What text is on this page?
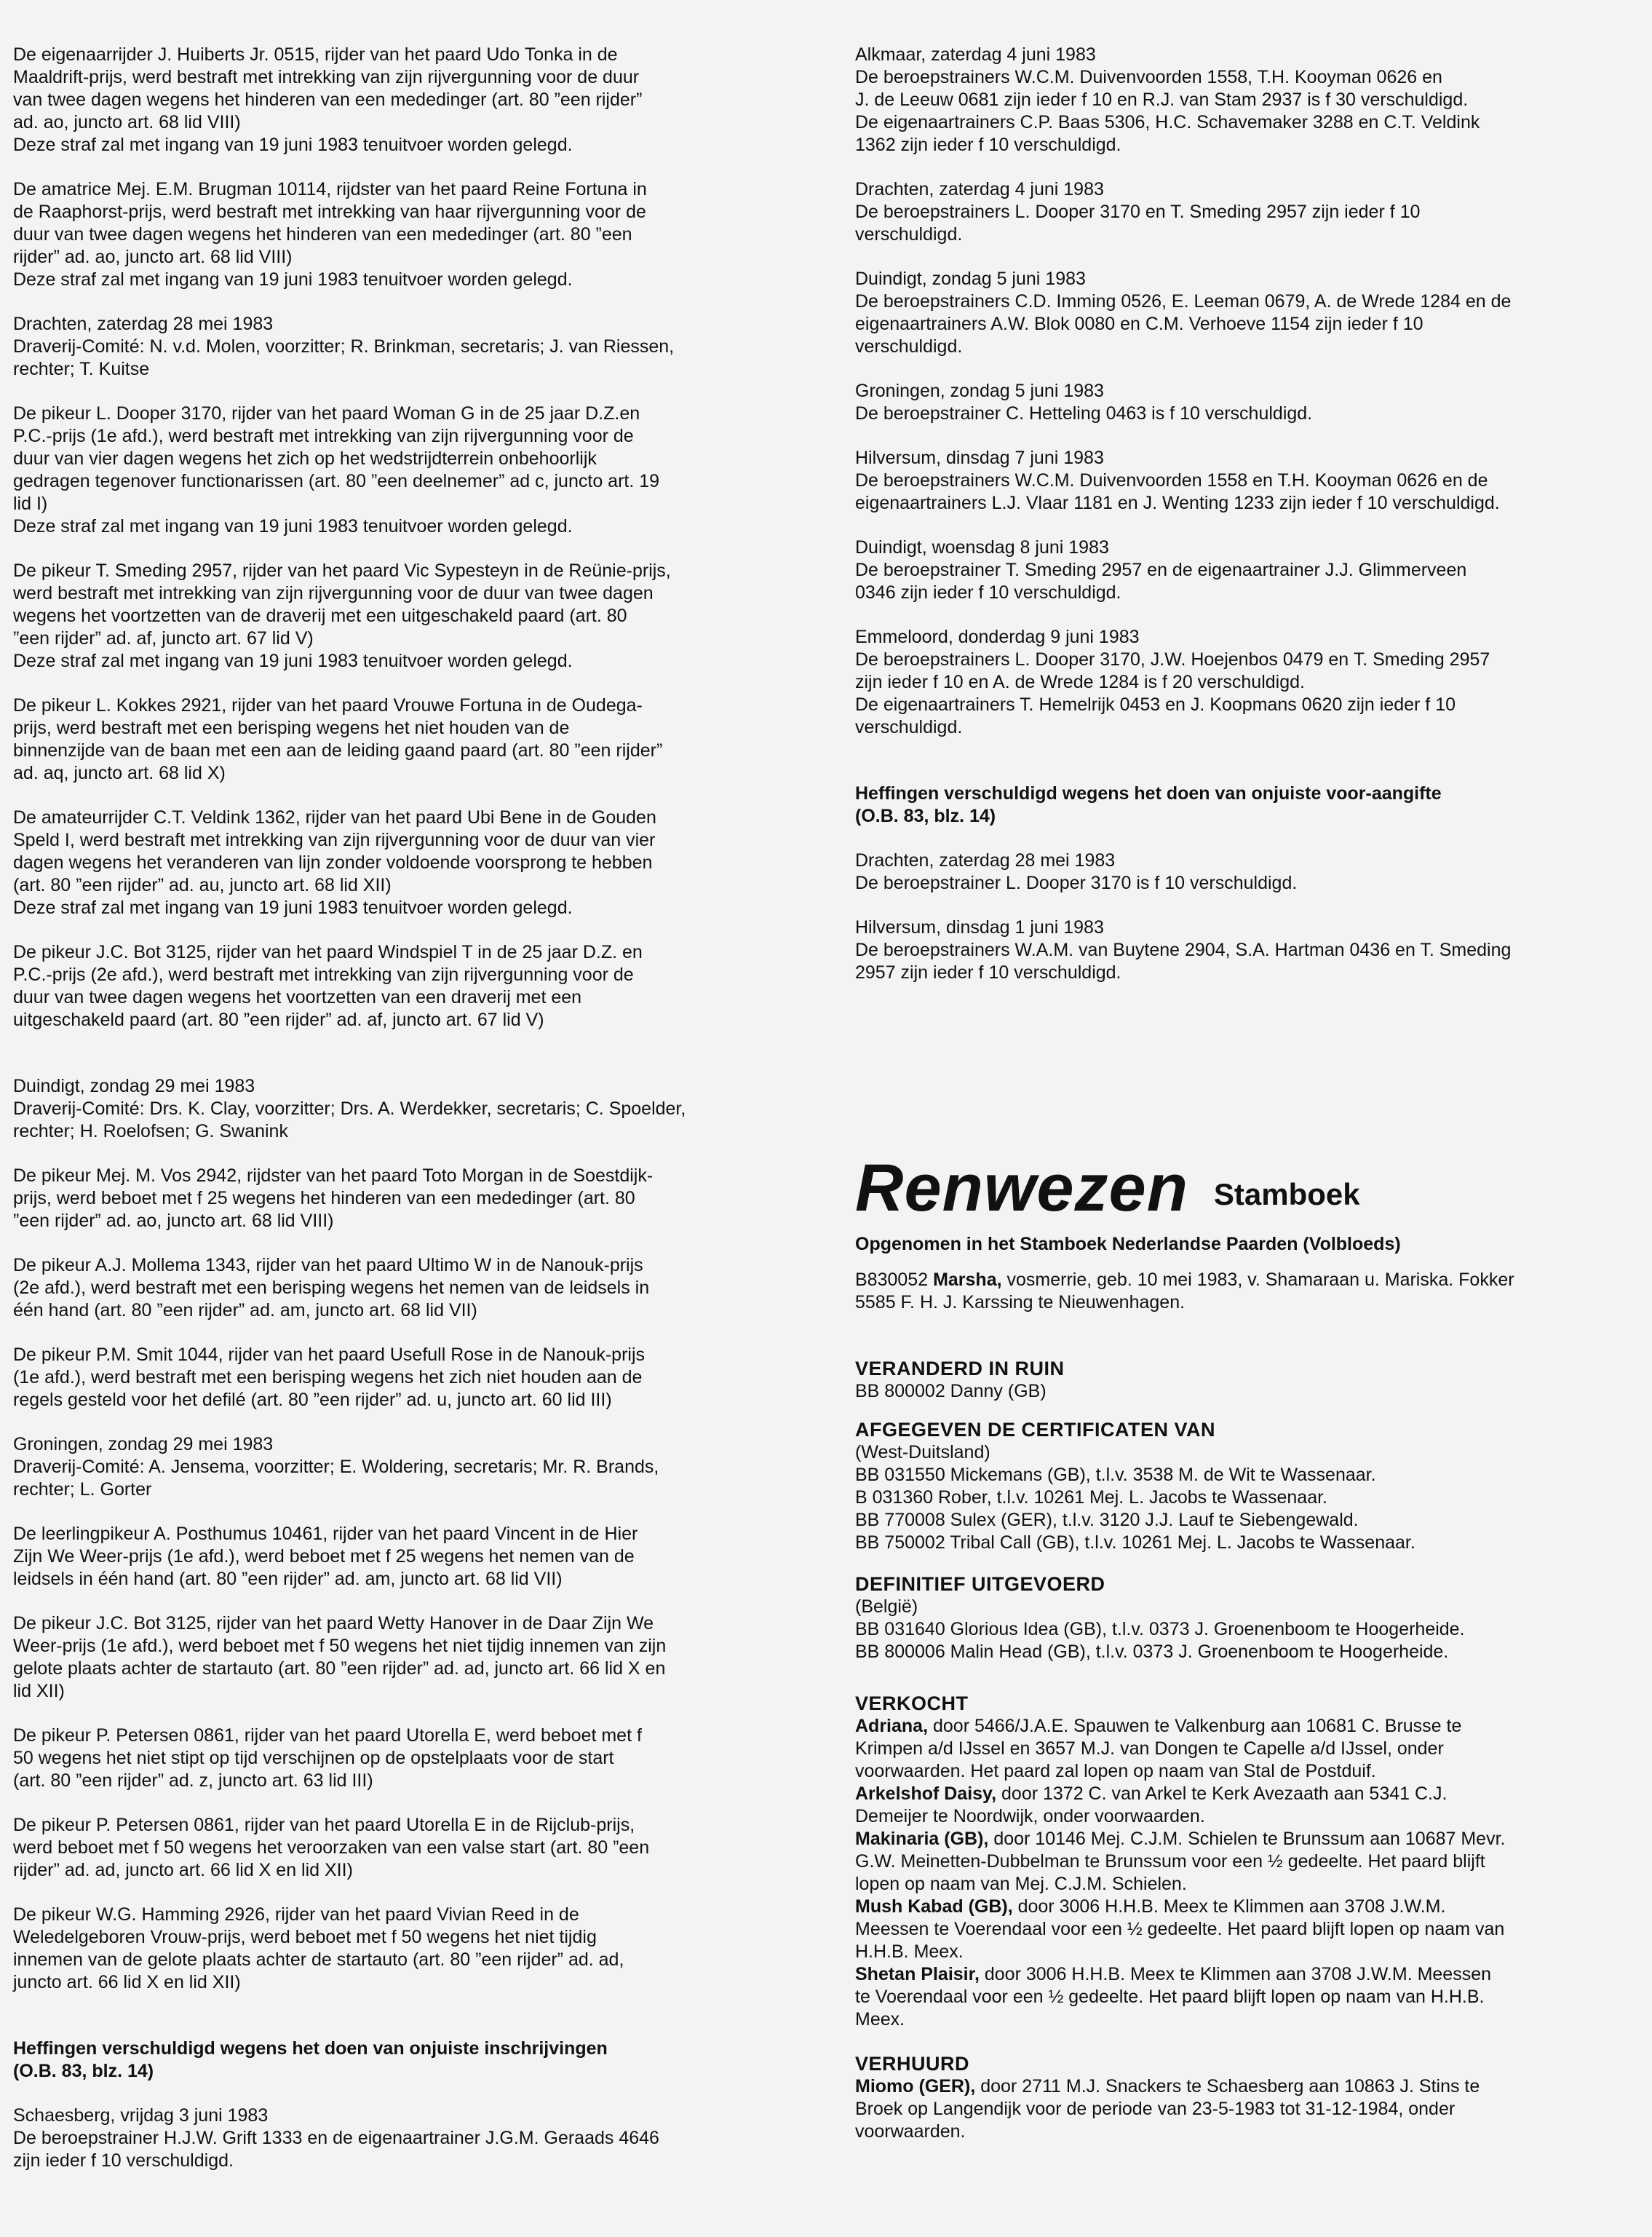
De eigenaarrijder J. Huiberts Jr. 0515, rijder van het paard Udo Tonka in de

Maaldrift-prijs, werd bestraft met intrekking van zijn rijvergunning voor de duur

van twee dagen wegens het hinderen van een mededinger (art. 80 ”een rijder”

ad. ao, juncto art. 68 lid VIII)

Deze straf zal met ingang van 19 juni 1983 tenuitvoer worden gelegd.

De amatrice Mej. E.M. Brugman 10114, rijdster van het paard Reine Fortuna in

de Raaphorst-prijs, werd bestraft met intrekking van haar rijvergunning voor de

duur van twee dagen wegens het hinderen van een mededinger (art. 80 ”een

rijder” ad. ao, juncto art. 68 lid VIII)

Deze straf zal met ingang van 19 juni 1983 tenuitvoer worden gelegd.

Drachten, zaterdag 28 mei 1983

Draverij-Comité: N. v.d. Molen, voorzitter; R. Brinkman, secretaris; J. van Riessen,

rechter; T. Kuitse

De pikeur L. Dooper 3170, rijder van het paard Woman G in de 25 jaar D.Z.en

P.C.-prijs (1e afd.), werd bestraft met intrekking van zijn rijvergunning voor de

duur van vier dagen wegens het zich op het wedstrijdterrein onbehoorlijk

gedragen tegenover functionarissen (art. 80 ”een deelnemer” ad c, juncto art. 19

lid I)

Deze straf zal met ingang van 19 juni 1983 tenuitvoer worden gelegd.

De pikeur T. Smeding 2957, rijder van het paard Vic Sypesteyn in de Reünie-prijs,

werd bestraft met intrekking van zijn rijvergunning voor de duur van twee dagen

wegens het voortzetten van de draverij met een uitgeschakeld paard (art. 80

”een rijder” ad. af, juncto art. 67 lid V)

Deze straf zal met ingang van 19 juni 1983 tenuitvoer worden gelegd.

De pikeur L. Kokkes 2921, rijder van het paard Vrouwe Fortuna in de Oudega-

prijs, werd bestraft met een berisping wegens het niet houden van de

binnenzijde van de baan met een aan de leiding gaand paard (art. 80 ”een rijder”

ad. aq, juncto art. 68 lid X)

De amateurrijder C.T. Veldink 1362, rijder van het paard Ubi Bene in de Gouden

Speld I, werd bestraft met intrekking van zijn rijvergunning voor de duur van vier

dagen wegens het veranderen van lijn zonder voldoende voorsprong te hebben

(art. 80 ”een rijder” ad. au, juncto art. 68 lid XII)

Deze straf zal met ingang van 19 juni 1983 tenuitvoer worden gelegd.

De pikeur J.C. Bot 3125, rijder van het paard Windspiel T in de 25 jaar D.Z. en

P.C.-prijs (2e afd.), werd bestraft met intrekking van zijn rijvergunning voor de

duur van twee dagen wegens het voortzetten van een draverij met een

uitgeschakeld paard (art. 80 ”een rijder” ad. af, juncto art. 67 lid V)

Duindigt, zondag 29 mei 1983

Draverij-Comité: Drs. K. Clay, voorzitter; Drs. A. Werdekker, secretaris; C. Spoelder,

rechter; H. Roelofsen; G. Swanink

De pikeur Mej. M. Vos 2942, rijdster van het paard Toto Morgan in de Soestdijk-

prijs, werd beboet met f 25 wegens het hinderen van een mededinger (art. 80

”een rijder” ad. ao, juncto art. 68 lid VIII)

De pikeur A.J. Mollema 1343, rijder van het paard Ultimo W in de Nanouk-prijs

(2e afd.), werd bestraft met een berisping wegens het nemen van de leidsels in

één hand (art. 80 ”een rijder” ad. am, juncto art. 68 lid VII)

De pikeur P.M. Smit 1044, rijder van het paard Usefull Rose in de Nanouk-prijs

(1e afd.), werd bestraft met een berisping wegens het zich niet houden aan de

regels gesteld voor het defilé (art. 80 ”een rijder” ad. u, juncto art. 60 lid III)

Groningen, zondag 29 mei 1983

Draverij-Comité: A. Jensema, voorzitter; E. Woldering, secretaris; Mr. R. Brands,

rechter; L. Gorter

De leerlingpikeur A. Posthumus 10461, rijder van het paard Vincent in de Hier

Zijn We Weer-prijs (1e afd.), werd beboet met f 25 wegens het nemen van de

leidsels in één hand (art. 80 ”een rijder” ad. am, juncto art. 68 lid VII)

De pikeur J.C. Bot 3125, rijder van het paard Wetty Hanover in de Daar Zijn We

Weer-prijs (1e afd.), werd beboet met f 50 wegens het niet tijdig innemen van zijn

gelote plaats achter de startauto (art. 80 ”een rijder” ad. ad, juncto art. 66 lid X en

lid XII)

De pikeur P. Petersen 0861, rijder van het paard Utorella E, werd beboet met f

50 wegens het niet stipt op tijd verschijnen op de opstelplaats voor de start

(art. 80 ”een rijder” ad. z, juncto art. 63 lid III)

De pikeur P. Petersen 0861, rijder van het paard Utorella E in de Rijclub-prijs,

werd beboet met f 50 wegens het veroorzaken van een valse start (art. 80 ”een

rijder” ad. ad, juncto art. 66 lid X en lid XII)

De pikeur W.G. Hamming 2926, rijder van het paard Vivian Reed in de

Weledelgeboren Vrouw-prijs, werd beboet met f 50 wegens het niet tijdig

innemen van de gelote plaats achter de startauto (art. 80 ”een rijder” ad. ad,

juncto art. 66 lid X en lid XII)

Heffingen verschuldigd wegens het doen van onjuiste inschrijvingen

(O.B. 83, blz. 14)

Schaesberg, vrijdag 3 juni 1983

De beroepstrainer H.J.W. Grift 1333 en de eigenaartrainer J.G.M. Geraads 4646

zijn ieder f 10 verschuldigd.

Alkmaar, zaterdag 4 juni 1983

De beroepstrainers W.C.M. Duivenvoorden 1558, T.H. Kooyman 0626 en

J. de Leeuw 0681 zijn ieder f 10 en R.J. van Stam 2937 is f 30 verschuldigd.

De eigenaartrainers C.P. Baas 5306, H.C. Schavemaker 3288 en C.T. Veldink

1362 zijn ieder f 10 verschuldigd.

Drachten, zaterdag 4 juni 1983

De beroepstrainers L. Dooper 3170 en T. Smeding 2957 zijn ieder f 10

verschuldigd.

Duindigt, zondag 5 juni 1983

De beroepstrainers C.D. Imming 0526, E. Leeman 0679, A. de Wrede 1284 en de

eigenaartrainers A.W. Blok 0080 en C.M. Verhoeve 1154 zijn ieder f 10

verschuldigd.

Groningen, zondag 5 juni 1983

De beroepstrainer C. Hetteling 0463 is f 10 verschuldigd.

Hilversum, dinsdag 7 juni 1983

De beroepstrainers W.C.M. Duivenvoorden 1558 en T.H. Kooyman 0626 en de

eigenaartrainers L.J. Vlaar 1181 en J. Wenting 1233 zijn ieder f 10 verschuldigd.

Duindigt, woensdag 8 juni 1983

De beroepstrainer T. Smeding 2957 en de eigenaartrainer J.J. Glimmerveen

0346 zijn ieder f 10 verschuldigd.

Emmeloord, donderdag 9 juni 1983

De beroepstrainers L. Dooper 3170, J.W. Hoejenbos 0479 en T. Smeding 2957

zijn ieder f 10 en A. de Wrede 1284 is f 20 verschuldigd.

De eigenaartrainers T. Hemelrijk 0453 en J. Koopmans 0620 zijn ieder f 10

verschuldigd.

Heffingen verschuldigd wegens het doen van onjuiste voor-aangifte

(O.B. 83, blz. 14)

Drachten, zaterdag 28 mei 1983

De beroepstrainer L. Dooper 3170 is f 10 verschuldigd.

Hilversum, dinsdag 1 juni 1983

De beroepstrainers W.A.M. van Buytene 2904, S.A. Hartman 0436 en T. Smeding

2957 zijn ieder f 10 verschuldigd.

Renwezen Stamboek

Opgenomen in het Stamboek Nederlandse Paarden (Volbloeds)

B830052 Marsha, vosmerrie, geb. 10 mei 1983, v. Shamaraan u. Mariska. Fokker

5585 F. H. J. Karssing te Nieuwenhagen.

VERANDERD IN RUIN

BB 800002 Danny (GB)

AFGEGEVEN DE CERTIFICATEN VAN

(West-Duitsland)

BB 031550 Mickemans (GB), t.l.v. 3538 M. de Wit te Wassenaar.

B 031360 Rober, t.l.v. 10261 Mej. L. Jacobs te Wassenaar.

BB 770008 Sulex (GER), t.l.v. 3120 J.J. Lauf te Siebengewald.

BB 750002 Tribal Call (GB), t.l.v. 10261 Mej. L. Jacobs te Wassenaar.

DEFINITIEF UITGEVOERD

(België)

BB 031640 Glorious Idea (GB), t.l.v. 0373 J. Groenenboom te Hoogerheide.

BB 800006 Malin Head (GB), t.l.v. 0373 J. Groenenboom te Hoogerheide.

VERKOCHT

Adriana, door 5466/J.A.E. Spauwen te Valkenburg aan 10681 C. Brusse te

Krimpen a/d IJssel en 3657 M.J. van Dongen te Capelle a/d IJssel, onder

voorwaarden. Het paard zal lopen op naam van Stal de Postduif.

Arkelshof Daisy, door 1372 C. van Arkel te Kerk Avezaath aan 5341 C.J.

Demeijer te Noordwijk, onder voorwaarden.

Makinaria (GB), door 10146 Mej. C.J.M. Schielen te Brunssum aan 10687 Mevr.

G.W. Meinetten-Dubbelman te Brunssum voor een ½ gedeelte. Het paard blijft

lopen op naam van Mej. C.J.M. Schielen.

Mush Kabad (GB), door 3006 H.H.B. Meex te Klimmen aan 3708 J.W.M.

Meessen te Voerendaal voor een ½ gedeelte. Het paard blijft lopen op naam van

H.H.B. Meex.

Shetan Plaisir, door 3006 H.H.B. Meex te Klimmen aan 3708 J.W.M. Meessen

te Voerendaal voor een ½ gedeelte. Het paard blijft lopen op naam van H.H.B.

Meex.

VERHUURD

Miomo (GER), door 2711 M.J. Snackers te Schaesberg aan 10863 J. Stins te

Broek op Langendijk voor de periode van 23-5-1983 tot 31-12-1984, onder

voorwaarden.
